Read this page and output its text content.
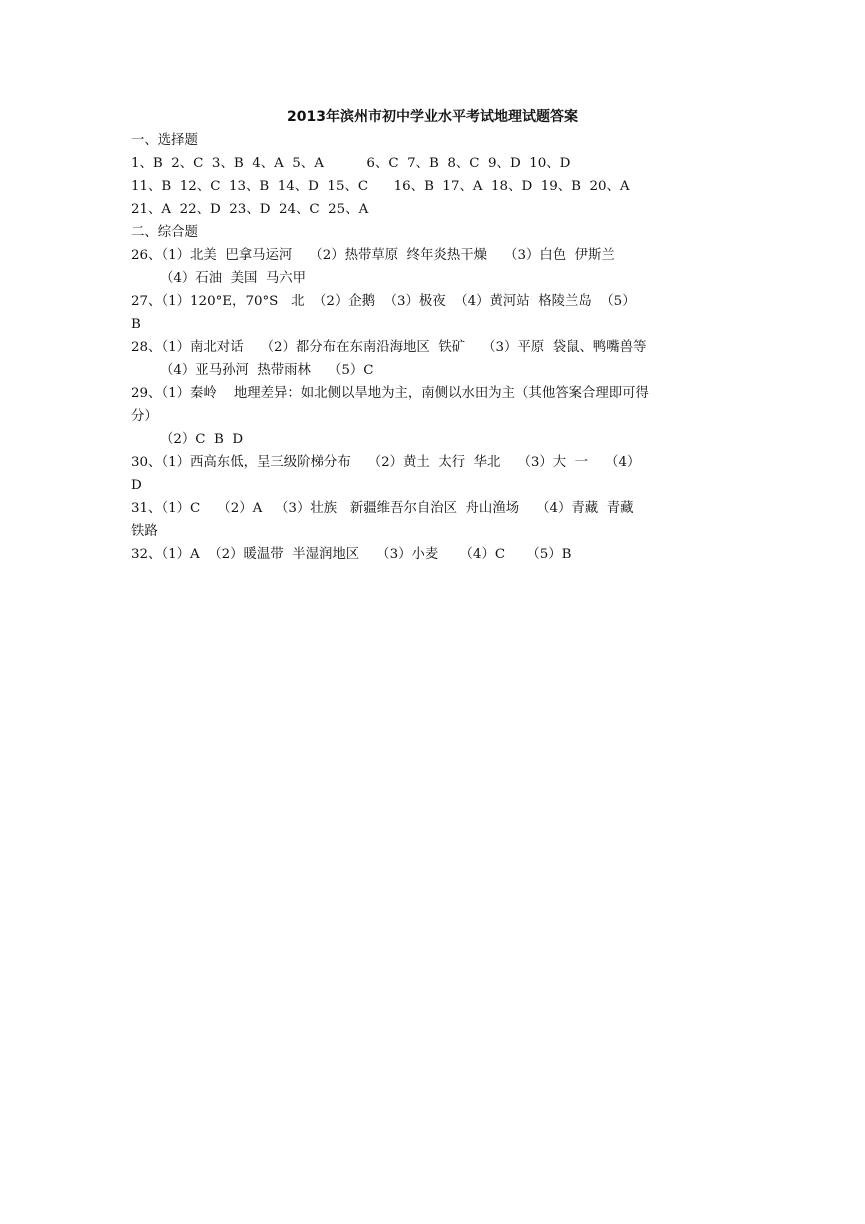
2013年滨州市初中学业水平考试地理试题答案
一、选择题
1、B  2、C  3、B  4、A  5、A          6、C  7、B  8、C  9、D  10、D
11、B  12、C  13、B  14、D  15、C      16、B  17、A  18、D  19、B  20、A
21、A  22、D  23、D  24、C  25、A
二、综合题
26、（1）北美  巴拿马运河    （2）热带草原  终年炎热干燥    （3）白色  伊斯兰
（4）石油  美国  马六甲
27、（1）120°E，70°S   北  （2）企鹅  （3）极夜  （4）黄河站  格陵兰岛  （5）
B
28、（1）南北对话    （2）都分布在东南沿海地区  铁矿    （3）平原  袋鼠、鸭嘴兽等
（4）亚马孙河  热带雨林    （5）C
29、（1）秦岭    地理差异：如北侧以旱地为主，南侧以水田为主（其他答案合理即可得
分）
（2）C  B  D
30、（1）西高东低，呈三级阶梯分布    （2）黄土  太行  华北    （3）大  一    （4）
D
31、（1）C    （2）A   （3）壮族   新疆维吾尔自治区  舟山渔场    （4）青藏  青藏
铁路
32、（1）A  （2）暖温带  半湿润地区    （3）小麦     （4）C     （5）B
